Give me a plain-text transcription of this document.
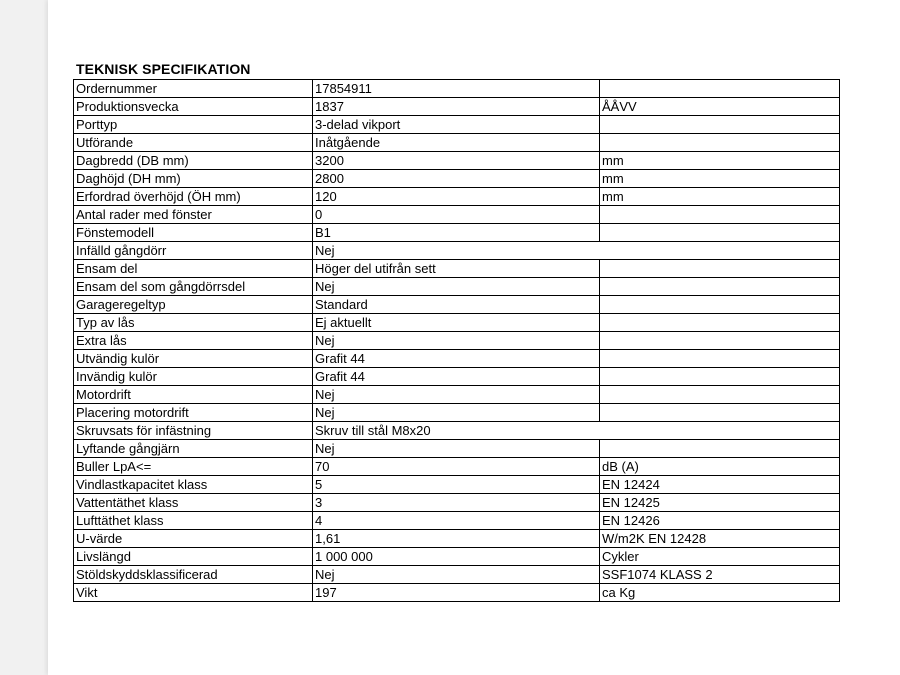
TEKNISK SPECIFIKATION
Ordernummer	17854911	
Produktionsvecka	1837	ÅÅVV
Porttyp	3-delad vikport	
Utförande	Inåtgående	
Dagbredd (DB mm)	3200	mm
Daghöjd (DH mm)	2800	mm
Erfordrad överhöjd (ÖH mm)	120	mm
Antal rader med fönster	0	
Fönstemodell	B1	
Infälld gångdörr	Nej	
Ensam del	Höger del utifrån sett	
Ensam del som gångdörrsdel	Nej	
Garageregeltyp	Standard	
Typ av lås	Ej aktuellt	
Extra lås	Nej	
Utvändig kulör	Grafit 44	
Invändig kulör	Grafit 44	
Motordrift	Nej	
Placering motordrift	Nej	
Skruvsats för infästning	Skruv till stål M8x20	
Lyftande gångjärn	Nej	
Buller LpA<=	70	dB (A)
Vindlastkapacitet klass	5	EN 12424
Vattentäthet klass	3	EN 12425
Lufttäthet klass	4	EN 12426
U-värde	1,61	W/m2K EN 12428
Livslängd	1 000 000	Cykler
Stöldskyddsklassificerad	Nej	SSF1074 KLASS 2
Vikt	197	ca Kg
